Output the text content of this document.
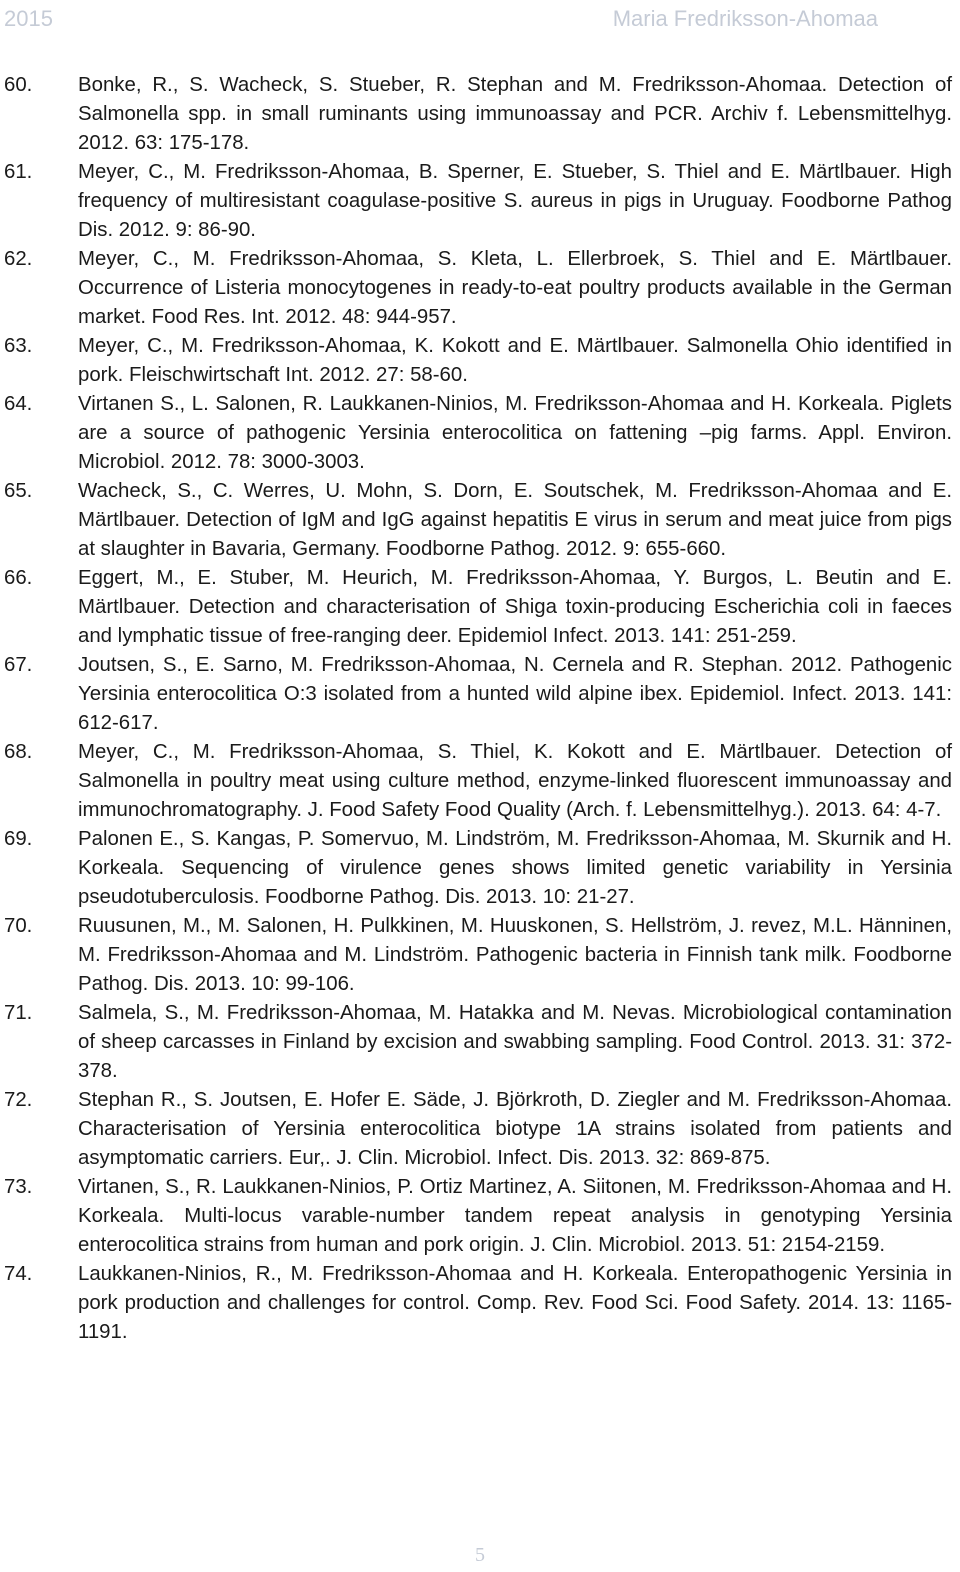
2015	Maria Fredriksson-Ahomaa
60.	Bonke, R., S. Wacheck, S. Stueber, R. Stephan and M. Fredriksson-Ahomaa. Detection of Salmonella spp. in small ruminants using immunoassay and PCR. Archiv f. Lebensmittelhyg. 2012. 63: 175-178.
61.	Meyer, C., M. Fredriksson-Ahomaa, B. Sperner, E. Stueber, S. Thiel and E. Märtlbauer. High frequency of multiresistant coagulase-positive S. aureus in pigs in Uruguay. Foodborne Pathog Dis. 2012. 9: 86-90.
62.	Meyer, C., M. Fredriksson-Ahomaa, S. Kleta, L. Ellerbroek, S. Thiel and E. Märtlbauer. Occurrence of Listeria monocytogenes in ready-to-eat poultry products available in the German market. Food Res. Int. 2012. 48: 944-957.
63.	Meyer, C., M. Fredriksson-Ahomaa, K. Kokott and E. Märtlbauer. Salmonella Ohio identified in pork. Fleischwirtschaft Int. 2012. 27: 58-60.
64.	Virtanen S., L. Salonen, R. Laukkanen-Ninios, M. Fredriksson-Ahomaa and H. Korkeala. Piglets are a source of pathogenic Yersinia enterocolitica on fattening –pig farms. Appl. Environ. Microbiol. 2012. 78: 3000-3003.
65.	Wacheck, S., C. Werres, U. Mohn, S. Dorn, E. Soutschek, M. Fredriksson-Ahomaa and E. Märtlbauer. Detection of IgM and IgG against hepatitis E virus in serum and meat juice from pigs at slaughter in Bavaria, Germany. Foodborne Pathog. 2012. 9: 655-660.
66.	Eggert, M., E. Stuber, M. Heurich, M. Fredriksson-Ahomaa, Y. Burgos, L. Beutin and E. Märtlbauer. Detection and characterisation of Shiga toxin-producing Escherichia coli in faeces and lymphatic tissue of free-ranging deer. Epidemiol Infect. 2013. 141: 251-259.
67.	Joutsen, S., E. Sarno, M. Fredriksson-Ahomaa, N. Cernela and R. Stephan. 2012. Pathogenic Yersinia enterocolitica O:3 isolated from a hunted wild alpine ibex. Epidemiol. Infect. 2013. 141: 612-617.
68.	Meyer, C., M. Fredriksson-Ahomaa, S. Thiel, K. Kokott and E. Märtlbauer. Detection of Salmonella in poultry meat using culture method, enzyme-linked fluorescent immunoassay and immunochromatography. J. Food Safety Food Quality (Arch. f. Lebensmittelhyg.). 2013. 64: 4-7.
69.	Palonen E., S. Kangas, P. Somervuo, M. Lindström, M. Fredriksson-Ahomaa, M. Skurnik and H. Korkeala. Sequencing of virulence genes shows limited genetic variability in Yersinia pseudotuberculosis. Foodborne Pathog. Dis. 2013. 10: 21-27.
70.	Ruusunen, M., M. Salonen, H. Pulkkinen, M. Huuskonen, S. Hellström, J. revez, M.L. Hänninen, M. Fredriksson-Ahomaa and M. Lindström. Pathogenic bacteria in Finnish tank milk. Foodborne Pathog. Dis. 2013. 10: 99-106.
71.	Salmela, S., M. Fredriksson-Ahomaa, M. Hatakka and M. Nevas. Microbiological contamination of sheep carcasses in Finland by excision and swabbing sampling. Food Control. 2013. 31: 372-378.
72.	Stephan R., S. Joutsen, E. Hofer E. Säde, J. Björkroth, D. Ziegler and M. Fredriksson-Ahomaa. Characterisation of Yersinia enterocolitica biotype 1A strains isolated from patients and asymptomatic carriers. Eur,. J. Clin. Microbiol. Infect. Dis. 2013. 32: 869-875.
73.	Virtanen, S., R. Laukkanen-Ninios, P. Ortiz Martinez, A. Siitonen, M. Fredriksson-Ahomaa and H. Korkeala. Multi-locus varable-number tandem repeat analysis in genotyping Yersinia enterocolitica strains from human and pork origin. J. Clin. Microbiol. 2013. 51: 2154-2159.
74.	Laukkanen-Ninios, R., M. Fredriksson-Ahomaa and H. Korkeala. Enteropathogenic Yersinia in pork production and challenges for control. Comp. Rev. Food Sci. Food Safety. 2014. 13: 1165-1191.
5
